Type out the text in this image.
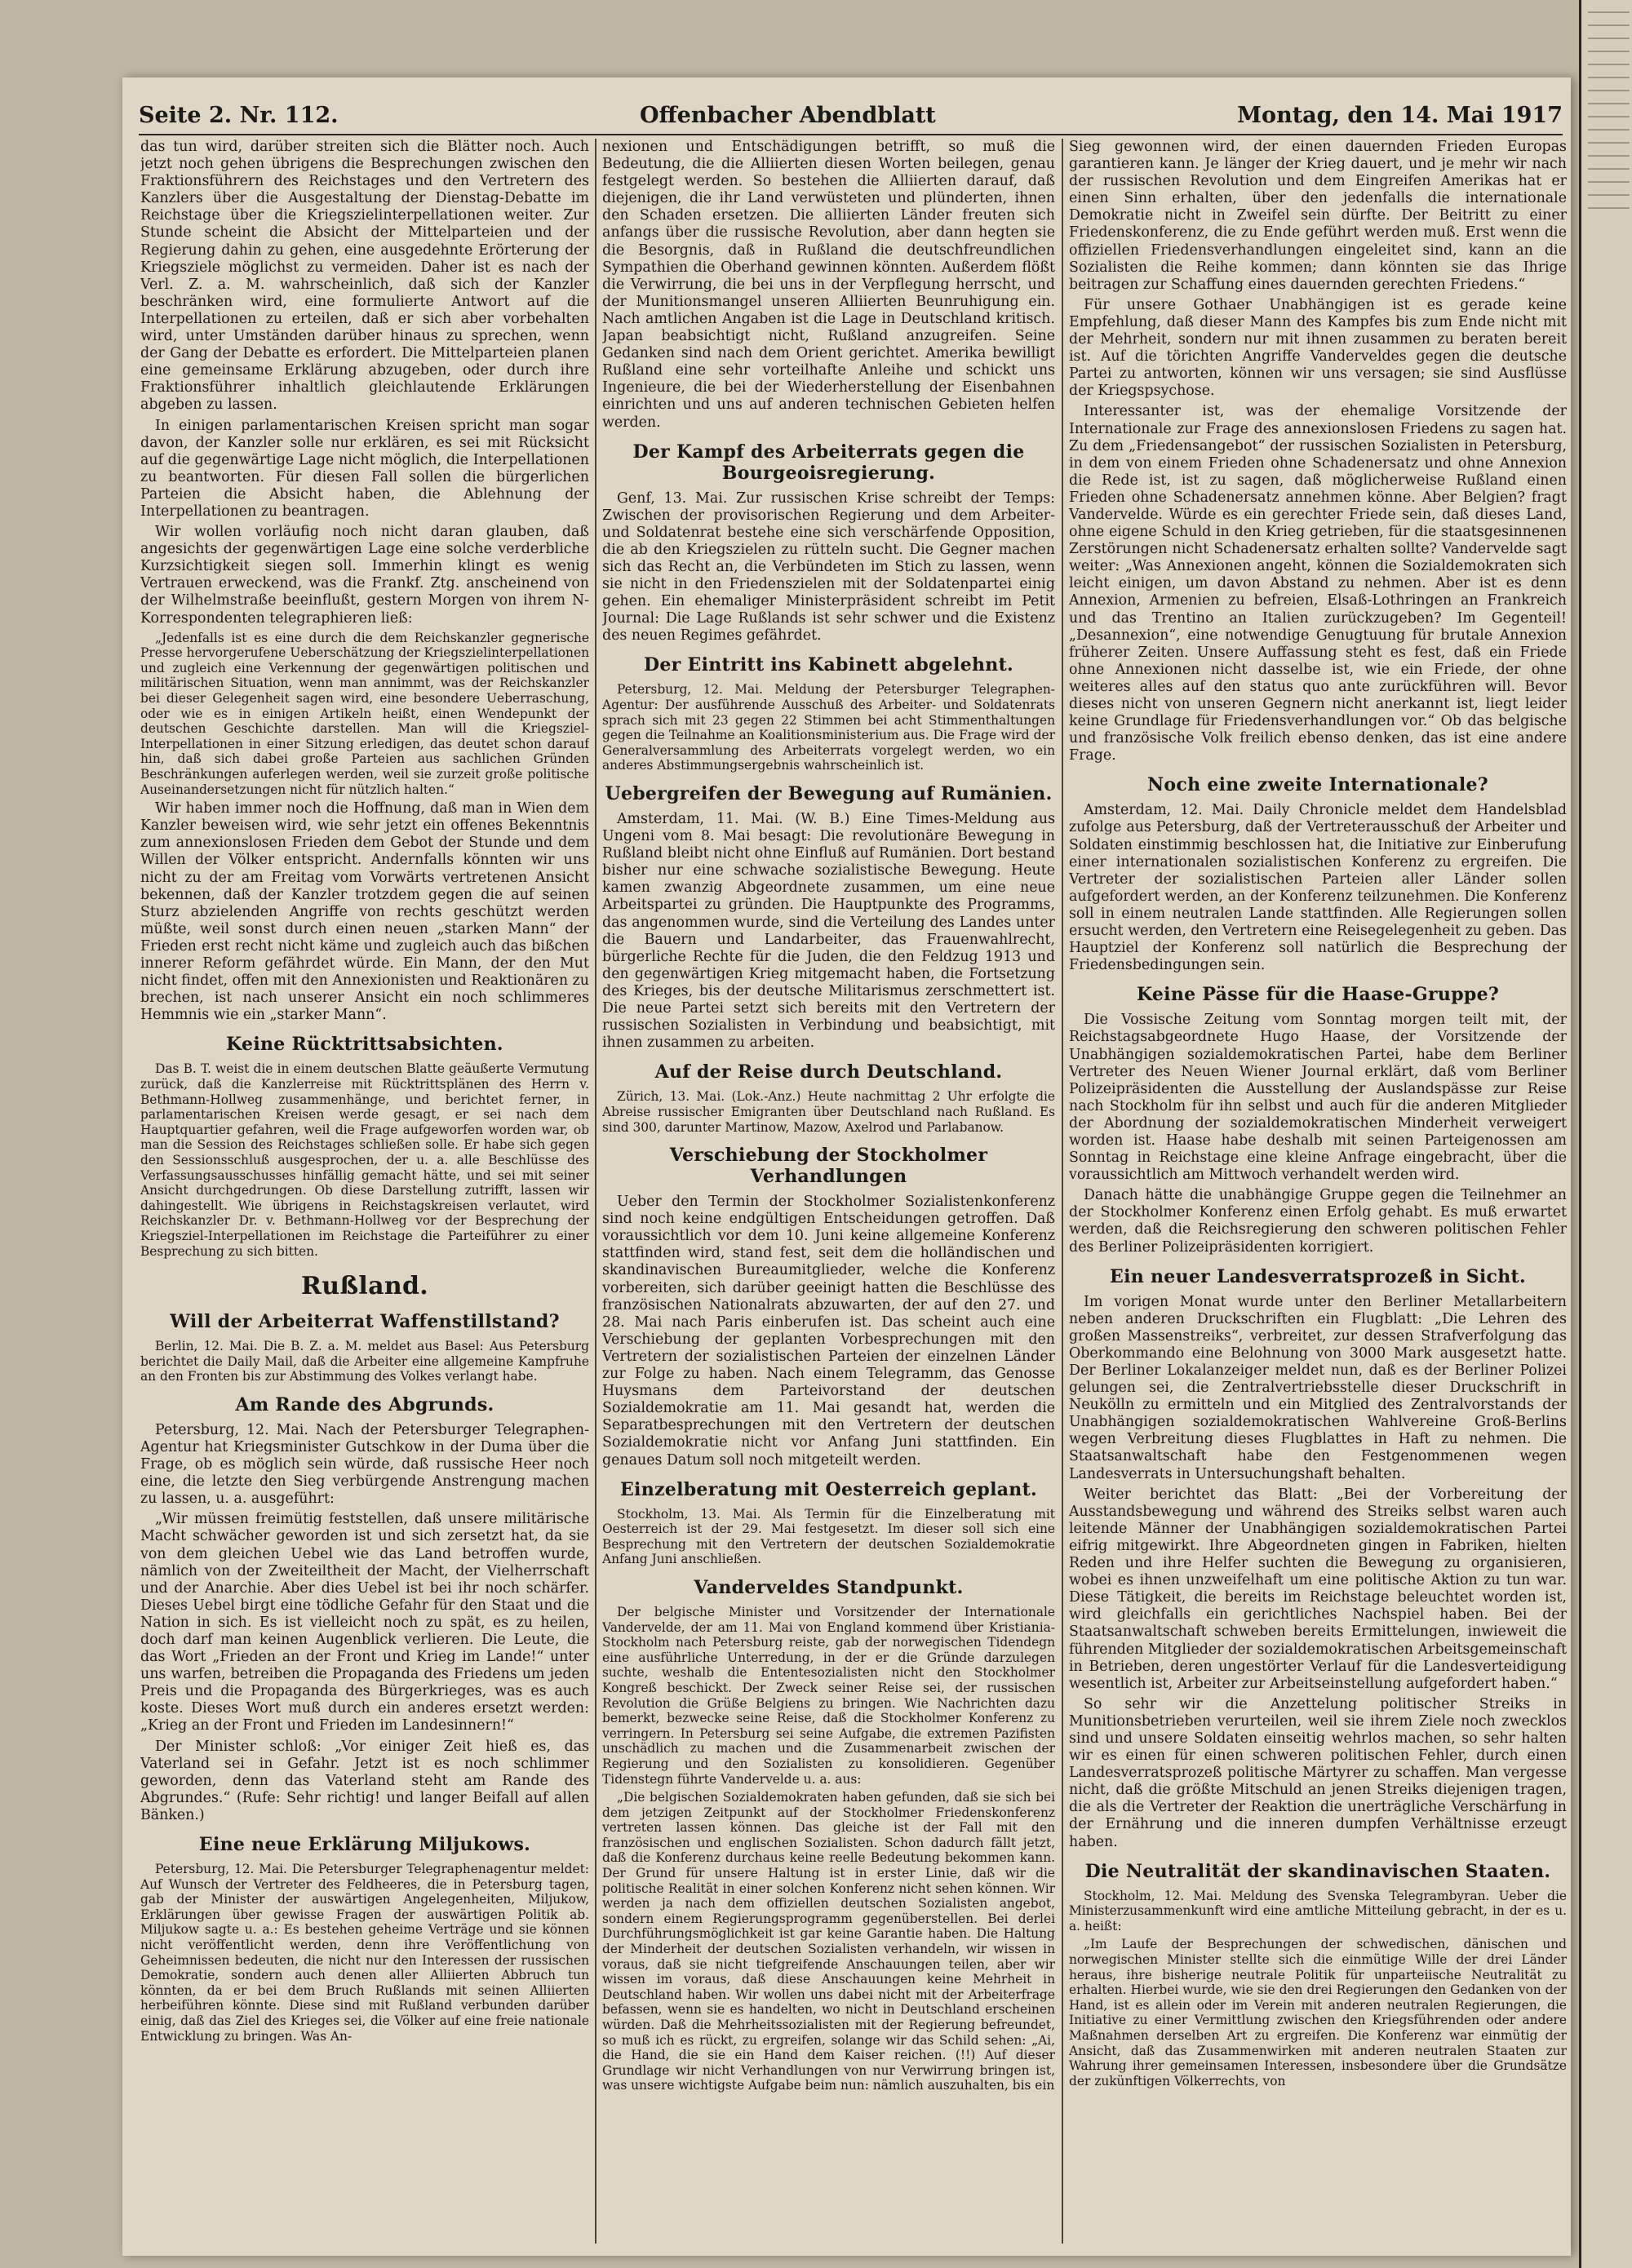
Seite 2. Nr. 112.	Offenbacher Abendblatt	Montag, den 14. Mai 1917

das tun wird, darüber streiten sich die Blätter noch. Auch jetzt noch gehen übrigens die Besprechungen zwischen den Fraktionsführern des Reichstages und den Vertretern des Kanzlers über die Ausgestaltung der Dienstag-Debatte im Reichstage über die Kriegszielinterpellationen weiter. Zur Stunde scheint die Absicht der Mittelparteien und der Regierung dahin zu gehen, eine ausgedehnte Erörterung der Kriegsziele möglichst zu vermeiden. Daher ist es nach der Verl. Z. a. M. wahrscheinlich, daß sich der Kanzler beschränken wird, eine formulierte Antwort auf die Interpellationen zu erteilen, daß er sich aber vorbehalten wird, unter Umständen darüber hinaus zu sprechen, wenn der Gang der Debatte es erfordert. Die Mittelparteien planen eine gemeinsame Erklärung abzugeben, oder durch ihre Fraktionsführer inhaltlich gleichlautende Erklärungen abgeben zu lassen.

In einigen parlamentarischen Kreisen spricht man sogar davon, der Kanzler solle nur erklären, es sei mit Rücksicht auf die gegenwärtige Lage nicht möglich, die Interpellationen zu beantworten. Für diesen Fall sollen die bürgerlichen Parteien die Absicht haben, die Ablehnung der Interpellationen zu beantragen.

Wir wollen vorläufig noch nicht daran glauben, daß angesichts der gegenwärtigen Lage eine solche verderbliche Kurzsichtigkeit siegen soll. Immerhin klingt es wenig Vertrauen erweckend, was die Frankf. Ztg. anscheinend von der Wilhelmstraße beeinflußt, gestern Morgen von ihrem N-Korrespondenten telegraphieren ließ:

„Jedenfalls ist es eine durch die dem Reichskanzler gegnerische Presse hervorgerufene Ueberschätzung der Kriegszielinterpellationen und zugleich eine Verkennung der gegenwärtigen politischen und militärischen Situation, wenn man annimmt, was der Reichskanzler bei dieser Gelegenheit sagen wird, eine besondere Ueberraschung, oder wie es in einigen Artikeln heißt, einen Wendepunkt der deutschen Geschichte darstellen. Man will die Kriegsziel-Interpellationen in einer Sitzung erledigen, das deutet schon darauf hin, daß sich dabei große Parteien aus sachlichen Gründen Beschränkungen auferlegen werden, weil sie zurzeit große politische Auseinandersetzungen nicht für nützlich halten.“

Wir haben immer noch die Hoffnung, daß man in Wien dem Kanzler beweisen wird, wie sehr jetzt ein offenes Bekenntnis zum annexionslosen Frieden dem Gebot der Stunde und dem Willen der Völker entspricht. Andernfalls könnten wir uns nicht zu der am Freitag vom Vorwärts vertretenen Ansicht bekennen, daß der Kanzler trotzdem gegen die auf seinen Sturz abzielenden Angriffe von rechts geschützt werden müßte, weil sonst durch einen neuen „starken Mann“ der Frieden erst recht nicht käme und zugleich auch das bißchen innerer Reform gefährdet würde. Ein Mann, der den Mut nicht findet, offen mit den Annexionisten und Reaktionären zu brechen, ist nach unserer Ansicht ein noch schlimmeres Hemmnis wie ein „starker Mann“.

Keine Rücktrittsabsichten.

Das B. T. weist die in einem deutschen Blatte geäußerte Vermutung zurück, daß die Kanzlerreise mit Rücktrittsplänen des Herrn v. Bethmann-Hollweg zusammenhänge, und berichtet ferner, in parlamentarischen Kreisen werde gesagt, er sei nach dem Hauptquartier gefahren, weil die Frage aufgeworfen worden war, ob man die Session des Reichstages schließen solle. Er habe sich gegen den Sessionsschluß ausgesprochen, der u. a. alle Beschlüsse des Verfassungsausschusses hinfällig gemacht hätte, und sei mit seiner Ansicht durchgedrungen. Ob diese Darstellung zutrifft, lassen wir dahingestellt. Wie übrigens in Reichstagskreisen verlautet, wird Reichskanzler Dr. v. Bethmann-Hollweg vor der Besprechung der Kriegsziel-Interpellationen im Reichstage die Parteiführer zu einer Besprechung zu sich bitten.

Rußland.
Will der Arbeiterrat Waffenstillstand?

Berlin, 12. Mai. Die B. Z. a. M. meldet aus Basel: Aus Petersburg berichtet die Daily Mail, daß die Arbeiter eine allgemeine Kampfruhe an den Fronten bis zur Abstimmung des Volkes verlangt habe.

Am Rande des Abgrunds.

Petersburg, 12. Mai. Nach der Petersburger Telegraphen-Agentur hat Kriegsminister Gutschkow in der Duma über die Frage, ob es möglich sein würde, daß russische Heer noch eine, die letzte den Sieg verbürgende Anstrengung machen zu lassen, u. a. ausgeführt:

„Wir müssen freimütig feststellen, daß unsere militärische Macht schwächer geworden ist und sich zersetzt hat, da sie von dem gleichen Uebel wie das Land betroffen wurde, nämlich von der Zweiteiltheit der Macht, der Vielherrschaft und der Anarchie. Aber dies Uebel ist bei ihr noch schärfer. Dieses Uebel birgt eine tödliche Gefahr für den Staat und die Nation in sich. Es ist vielleicht noch zu spät, es zu heilen, doch darf man keinen Augenblick verlieren. Die Leute, die das Wort „Frieden an der Front und Krieg im Lande!“ unter uns warfen, betreiben die Propaganda des Friedens um jeden Preis und die Propaganda des Bürgerkrieges, was es auch koste. Dieses Wort muß durch ein anderes ersetzt werden: „Krieg an der Front und Frieden im Landesinnern!“

Der Minister schloß: „Vor einiger Zeit hieß es, das Vaterland sei in Gefahr. Jetzt ist es noch schlimmer geworden, denn das Vaterland steht am Rande des Abgrundes.“ (Rufe: Sehr richtig! und langer Beifall auf allen Bänken.)

Eine neue Erklärung Miljukows.

Petersburg, 12. Mai. Die Petersburger Telegraphenagentur meldet: Auf Wunsch der Vertreter des Feldheeres, die in Petersburg tagen, gab der Minister der auswärtigen Angelegenheiten, Miljukow, Erklärungen über gewisse Fragen der auswärtigen Politik ab. Miljukow sagte u. a.: Es bestehen geheime Verträge und sie können nicht veröffentlicht werden, denn ihre Veröffentlichung von Geheimnissen bedeuten, die nicht nur den Interessen der russischen Demokratie, sondern auch denen aller Alliierten Abbruch tun könnten, da er bei dem Bruch Rußlands mit seinen Alliierten herbeiführen könnte. Diese sind mit Rußland verbunden darüber einig, daß das Ziel des Krieges sei, die Völker auf eine freie nationale Entwicklung zu bringen. Was An-

nexionen und Entschädigungen betrifft, so muß die Bedeutung, die die Alliierten diesen Worten beilegen, genau festgelegt werden. So bestehen die Alliierten darauf, daß diejenigen, die ihr Land verwüsteten und plünderten, ihnen den Schaden ersetzen. Die alliierten Länder freuten sich anfangs über die russische Revolution, aber dann hegten sie die Besorgnis, daß in Rußland die deutschfreundlichen Sympathien die Oberhand gewinnen könnten. Außerdem flößt die Verwirrung, die bei uns in der Verpflegung herrscht, und der Munitionsmangel unseren Alliierten Beunruhigung ein. Nach amtlichen Angaben ist die Lage in Deutschland kritisch. Japan beabsichtigt nicht, Rußland anzugreifen. Seine Gedanken sind nach dem Orient gerichtet. Amerika bewilligt Rußland eine sehr vorteilhafte Anleihe und schickt uns Ingenieure, die bei der Wiederherstellung der Eisenbahnen einrichten und uns auf anderen technischen Gebieten helfen werden.

Der Kampf des Arbeiterrats gegen die Bourgeoisregierung.

Genf, 13. Mai. Zur russischen Krise schreibt der Temps: Zwischen der provisorischen Regierung und dem Arbeiter- und Soldatenrat bestehe eine sich verschärfende Opposition, die ab den Kriegszielen zu rütteln sucht. Die Gegner machen sich das Recht an, die Verbündeten im Stich zu lassen, wenn sie nicht in den Friedenszielen mit der Soldatenpartei einig gehen. Ein ehemaliger Ministerpräsident schreibt im Petit Journal: Die Lage Rußlands ist sehr schwer und die Existenz des neuen Regimes gefährdet.

Der Eintritt ins Kabinett abgelehnt.

Petersburg, 12. Mai. Meldung der Petersburger Telegraphen-Agentur: Der ausführende Ausschuß des Arbeiter- und Soldatenrats sprach sich mit 23 gegen 22 Stimmen bei acht Stimmenthaltungen gegen die Teilnahme an Koalitionsministerium aus. Die Frage wird der Generalversammlung des Arbeiterrats vorgelegt werden, wo ein anderes Abstimmungsergebnis wahrscheinlich ist.

Uebergreifen der Bewegung auf Rumänien.

Amsterdam, 11. Mai. (W. B.) Eine Times-Meldung aus Ungeni vom 8. Mai besagt: Die revolutionäre Bewegung in Rußland bleibt nicht ohne Einfluß auf Rumänien. Dort bestand bisher nur eine schwache sozialistische Bewegung. Heute kamen zwanzig Abgeordnete zusammen, um eine neue Arbeitspartei zu gründen. Die Hauptpunkte des Programms, das angenommen wurde, sind die Verteilung des Landes unter die Bauern und Landarbeiter, das Frauenwahlrecht, bürgerliche Rechte für die Juden, die den Feldzug 1913 und den gegenwärtigen Krieg mitgemacht haben, die Fortsetzung des Krieges, bis der deutsche Militarismus zerschmettert ist. Die neue Partei setzt sich bereits mit den Vertretern der russischen Sozialisten in Verbindung und beabsichtigt, mit ihnen zusammen zu arbeiten.

Auf der Reise durch Deutschland.

Zürich, 13. Mai. (Lok.-Anz.) Heute nachmittag 2 Uhr erfolgte die Abreise russischer Emigranten über Deutschland nach Rußland. Es sind 300, darunter Martinow, Mazow, Axelrod und Parlabanow.

Verschiebung der Stockholmer Verhandlungen

Ueber den Termin der Stockholmer Sozialistenkonferenz sind noch keine endgültigen Entscheidungen getroffen. Daß voraussichtlich vor dem 10. Juni keine allgemeine Konferenz stattfinden wird, stand fest, seit dem die holländischen und skandinavischen Bureaumitglieder, welche die Konferenz vorbereiten, sich darüber geeinigt hatten die Beschlüsse des französischen Nationalrats abzuwarten, der auf den 27. und 28. Mai nach Paris einberufen ist. Das scheint auch eine Verschiebung der geplanten Vorbesprechungen mit den Vertretern der sozialistischen Parteien der einzelnen Länder zur Folge zu haben. Nach einem Telegramm, das Genosse Huysmans dem Parteivorstand der deutschen Sozialdemokratie am 11. Mai gesandt hat, werden die Separatbesprechungen mit den Vertretern der deutschen Sozialdemokratie nicht vor Anfang Juni stattfinden. Ein genaues Datum soll noch mitgeteilt werden.

Einzelberatung mit Oesterreich geplant.

Stockholm, 13. Mai. Als Termin für die Einzelberatung mit Oesterreich ist der 29. Mai festgesetzt. Im dieser soll sich eine Besprechung mit den Vertretern der deutschen Sozialdemokratie Anfang Juni anschließen.

Vanderveldes Standpunkt.

Der belgische Minister und Vorsitzender der Internationale Vandervelde, der am 11. Mai von England kommend über Kristiania-Stockholm nach Petersburg reiste, gab der norwegischen Tidendegn eine ausführliche Unterredung, in der er die Gründe darzulegen suchte, weshalb die Ententesozialisten nicht den Stockholmer Kongreß beschickt. Der Zweck seiner Reise sei, der russischen Revolution die Grüße Belgiens zu bringen. Wie Nachrichten dazu bemerkt, bezwecke seine Reise, daß die Stockholmer Konferenz zu verringern. In Petersburg sei seine Aufgabe, die extremen Pazifisten unschädlich zu machen und die Zusammenarbeit zwischen der Regierung und den Sozialisten zu konsolidieren. Gegenüber Tidenstegn führte Vandervelde u. a. aus:

„Die belgischen Sozialdemokraten haben gefunden, daß sie sich bei dem jetzigen Zeitpunkt auf der Stockholmer Friedenskonferenz vertreten lassen können. Das gleiche ist der Fall mit den französischen und englischen Sozialisten. Schon dadurch fällt jetzt, daß die Konferenz durchaus keine reelle Bedeutung bekommen kann. Der Grund für unsere Haltung ist in erster Linie, daß wir die politische Realität in einer solchen Konferenz nicht sehen können. Wir werden ja nach dem offiziellen deutschen Sozialisten angebot, sondern einem Regierungsprogramm gegenüberstellen. Bei derlei Durchführungsmöglichkeit ist gar keine Garantie haben. Die Haltung der Minderheit der deutschen Sozialisten verhandeln, wir wissen in voraus, daß sie nicht tiefgreifende Anschauungen teilen, aber wir wissen im voraus, daß diese Anschauungen keine Mehrheit in Deutschland haben. Wir wollen uns dabei nicht mit der Arbeiterfrage befassen, wenn sie es handelten, wo nicht in Deutschland erscheinen würden. Daß die Mehrheitssozialisten mit der Regierung befreundet, so muß ich es rückt, zu ergreifen, solange wir das Schild sehen: „Ai, die Hand, die sie ein Hand dem Kaiser reichen. (!!) Auf dieser Grundlage wir nicht Verhandlungen von nur Verwirrung bringen ist, was unsere wichtigste Aufgabe beim nun: nämlich auszuhalten, bis ein

Sieg gewonnen wird, der einen dauernden Frieden Europas garantieren kann. Je länger der Krieg dauert, und je mehr wir nach der russischen Revolution und dem Eingreifen Amerikas hat er einen Sinn erhalten, über den jedenfalls die internationale Demokratie nicht in Zweifel sein dürfte. Der Beitritt zu einer Friedenskonferenz, die zu Ende geführt werden muß. Erst wenn die offiziellen Friedensverhandlungen eingeleitet sind, kann an die Sozialisten die Reihe kommen; dann könnten sie das Ihrige beitragen zur Schaffung eines dauernden gerechten Friedens.“

Für unsere Gothaer Unabhängigen ist es gerade keine Empfehlung, daß dieser Mann des Kampfes bis zum Ende nicht mit der Mehrheit, sondern nur mit ihnen zusammen zu beraten bereit ist. Auf die törichten Angriffe Vanderveldes gegen die deutsche Partei zu antworten, können wir uns versagen; sie sind Ausflüsse der Kriegspsychose.

Interessanter ist, was der ehemalige Vorsitzende der Internationale zur Frage des annexionslosen Friedens zu sagen hat. Zu dem „Friedensangebot“ der russischen Sozialisten in Petersburg, in dem von einem Frieden ohne Schadenersatz und ohne Annexion die Rede ist, ist zu sagen, daß möglicherweise Rußland einen Frieden ohne Schadenersatz annehmen könne. Aber Belgien? fragt Vandervelde. Würde es ein gerechter Friede sein, daß dieses Land, ohne eigene Schuld in den Krieg getrieben, für die staatsgesinnenen Zerstörungen nicht Schadenersatz erhalten sollte? Vandervelde sagt weiter: „Was Annexionen angeht, können die Sozialdemokraten sich leicht einigen, um davon Abstand zu nehmen. Aber ist es denn Annexion, Armenien zu befreien, Elsaß-Lothringen an Frankreich und das Trentino an Italien zurückzugeben? Im Gegenteil! „Desannexion“, eine notwendige Genugtuung für brutale Annexion früherer Zeiten. Unsere Auffassung steht es fest, daß ein Friede ohne Annexionen nicht dasselbe ist, wie ein Friede, der ohne weiteres alles auf den status quo ante zurückführen will. Bevor dieses nicht von unseren Gegnern nicht anerkannt ist, liegt leider keine Grundlage für Friedensverhandlungen vor.“ Ob das belgische und französische Volk freilich ebenso denken, das ist eine andere Frage.

Noch eine zweite Internationale?

Amsterdam, 12. Mai. Daily Chronicle meldet dem Handelsblad zufolge aus Petersburg, daß der Vertreterausschuß der Arbeiter und Soldaten einstimmig beschlossen hat, die Initiative zur Einberufung einer internationalen sozialistischen Konferenz zu ergreifen. Die Vertreter der sozialistischen Parteien aller Länder sollen aufgefordert werden, an der Konferenz teilzunehmen. Die Konferenz soll in einem neutralen Lande stattfinden. Alle Regierungen sollen ersucht werden, den Vertretern eine Reisegelegenheit zu geben. Das Hauptziel der Konferenz soll natürlich die Besprechung der Friedensbedingungen sein.

Keine Pässe für die Haase-Gruppe?

Die Vossische Zeitung vom Sonntag morgen teilt mit, der Reichstagsabgeordnete Hugo Haase, der Vorsitzende der Unabhängigen sozialdemokratischen Partei, habe dem Berliner Vertreter des Neuen Wiener Journal erklärt, daß vom Berliner Polizeipräsidenten die Ausstellung der Auslandspässe zur Reise nach Stockholm für ihn selbst und auch für die anderen Mitglieder der Abordnung der sozialdemokratischen Minderheit verweigert worden ist. Haase habe deshalb mit seinen Parteigenossen am Sonntag in Reichstage eine kleine Anfrage eingebracht, über die voraussichtlich am Mittwoch verhandelt werden wird.

Danach hätte die unabhängige Gruppe gegen die Teilnehmer an der Stockholmer Konferenz einen Erfolg gehabt. Es muß erwartet werden, daß die Reichsregierung den schweren politischen Fehler des Berliner Polizeipräsidenten korrigiert.

Ein neuer Landesverratsprozeß in Sicht.

Im vorigen Monat wurde unter den Berliner Metallarbeitern neben anderen Druckschriften ein Flugblatt: „Die Lehren des großen Massenstreiks“, verbreitet, zur dessen Strafverfolgung das Oberkommando eine Belohnung von 3000 Mark ausgesetzt hatte. Der Berliner Lokalanzeiger meldet nun, daß es der Berliner Polizei gelungen sei, die Zentralvertriebsstelle dieser Druckschrift in Neukölln zu ermitteln und ein Mitglied des Zentralvorstands der Unabhängigen sozialdemokratischen Wahlvereine Groß-Berlins wegen Verbreitung dieses Flugblattes in Haft zu nehmen. Die Staatsanwaltschaft habe den Festgenommenen wegen Landesverrats in Untersuchungshaft behalten.

Weiter berichtet das Blatt: „Bei der Vorbereitung der Ausstandsbewegung und während des Streiks selbst waren auch leitende Männer der Unabhängigen sozialdemokratischen Partei eifrig mitgewirkt. Ihre Abgeordneten gingen in Fabriken, hielten Reden und ihre Helfer suchten die Bewegung zu organisieren, wobei es ihnen unzweifelhaft um eine politische Aktion zu tun war. Diese Tätigkeit, die bereits im Reichstage beleuchtet worden ist, wird gleichfalls ein gerichtliches Nachspiel haben. Bei der Staatsanwaltschaft schweben bereits Ermittelungen, inwieweit die führenden Mitglieder der sozialdemokratischen Arbeitsgemeinschaft in Betrieben, deren ungestörter Verlauf für die Landesverteidigung wesentlich ist, Arbeiter zur Arbeitseinstellung aufgefordert haben.“

So sehr wir die Anzettelung politischer Streiks in Munitionsbetrieben verurteilen, weil sie ihrem Ziele noch zwecklos sind und unsere Soldaten einseitig wehrlos machen, so sehr halten wir es einen für einen schweren politischen Fehler, durch einen Landesverratsprozeß politische Märtyrer zu schaffen. Man vergesse nicht, daß die größte Mitschuld an jenen Streiks diejenigen tragen, die als die Vertreter der Reaktion die unerträgliche Verschärfung in der Ernährung und die inneren dumpfen Verhältnisse erzeugt haben.

Die Neutralität der skandinavischen Staaten.

Stockholm, 12. Mai. Meldung des Svenska Telegrambyran. Ueber die Ministerzusammenkunft wird eine amtliche Mitteilung gebracht, in der es u. a. heißt:

„Im Laufe der Besprechungen der schwedischen, dänischen und norwegischen Minister stellte sich die einmütige Wille der drei Länder heraus, ihre bisherige neutrale Politik für unparteiische Neutralität zu erhalten. Hierbei wurde, wie sie den drei Regierungen den Gedanken von der Hand, ist es allein oder im Verein mit anderen neutralen Regierungen, die Initiative zu einer Vermittlung zwischen den Kriegsführenden oder andere Maßnahmen derselben Art zu ergreifen. Die Konferenz war einmütig der Ansicht, daß das Zusammenwirken mit anderen neutralen Staaten zur Wahrung ihrer gemeinsamen Interessen, insbesondere über die Grundsätze der zukünftigen Völkerrechts, von
